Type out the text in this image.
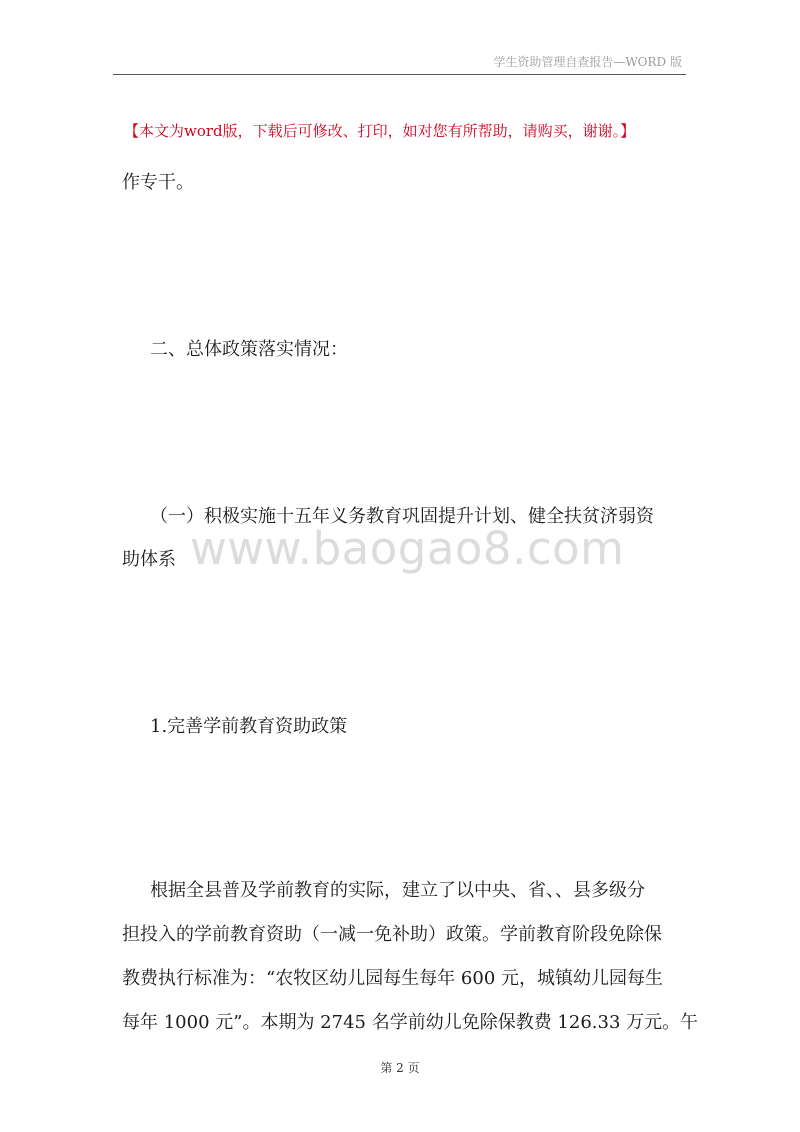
学生资助管理自查报告—WORD 版
【本文为word版，下载后可修改、打印，如对您有所帮助，请购买，谢谢。】
作专干。
二、总体政策落实情况：
（一）积极实施十五年义务教育巩固提升计划、健全扶贫济弱资
助体系 www.baogao8.com
1.完善学前教育资助政策
根据全县普及学前教育的实际，建立了以中央、省、、县多级分
担投入的学前教育资助（一减一免补助）政策。学前教育阶段免除保
教费执行标准为：“农牧区幼儿园每生每年 600 元，城镇幼儿园每生
每年 1000 元”。本期为 2745 名学前幼儿免除保教费 126.33 万元。午
第 2 页
